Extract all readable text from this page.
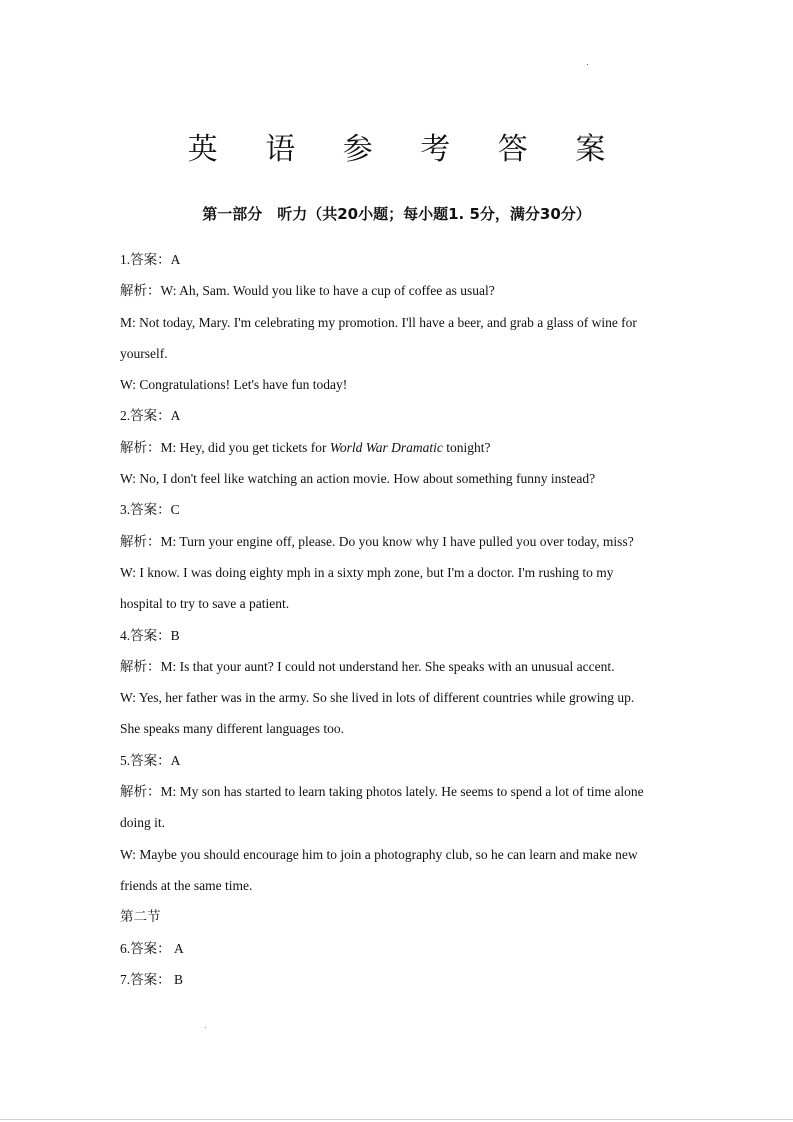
英 语 参 考 答 案
第一部分　听力（共20小题；每小题1. 5分，满分30分）

1.答案：A

解析：W: Ah, Sam. Would you like to have a cup of coffee as usual?

M: Not today, Mary. I'm celebrating my promotion. I'll have a beer, and grab a glass of wine for

yourself.

W: Congratulations! Let's have fun today!

2.答案：A

解析：M: Hey, did you get tickets for World War Dramatic tonight?

W: No, I don't feel like watching an action movie. How about something funny instead?

3.答案：C

解析：M: Turn your engine off, please. Do you know why I have pulled you over today, miss?

W: I know. I was doing eighty mph in a sixty mph zone, but I'm a doctor. I'm rushing to my

hospital to try to save a patient.

4.答案：B

解析：M: Is that your aunt? I could not understand her. She speaks with an unusual accent.

W: Yes, her father was in the army. So she lived in lots of different countries while growing up.

She speaks many different languages too.

5.答案：A

解析：M: My son has started to learn taking photos lately. He seems to spend a lot of time alone

doing it.

W: Maybe you should encourage him to join a photography club, so he can learn and make new

friends at the same time.

第二节

6.答案： A

7.答案： B
